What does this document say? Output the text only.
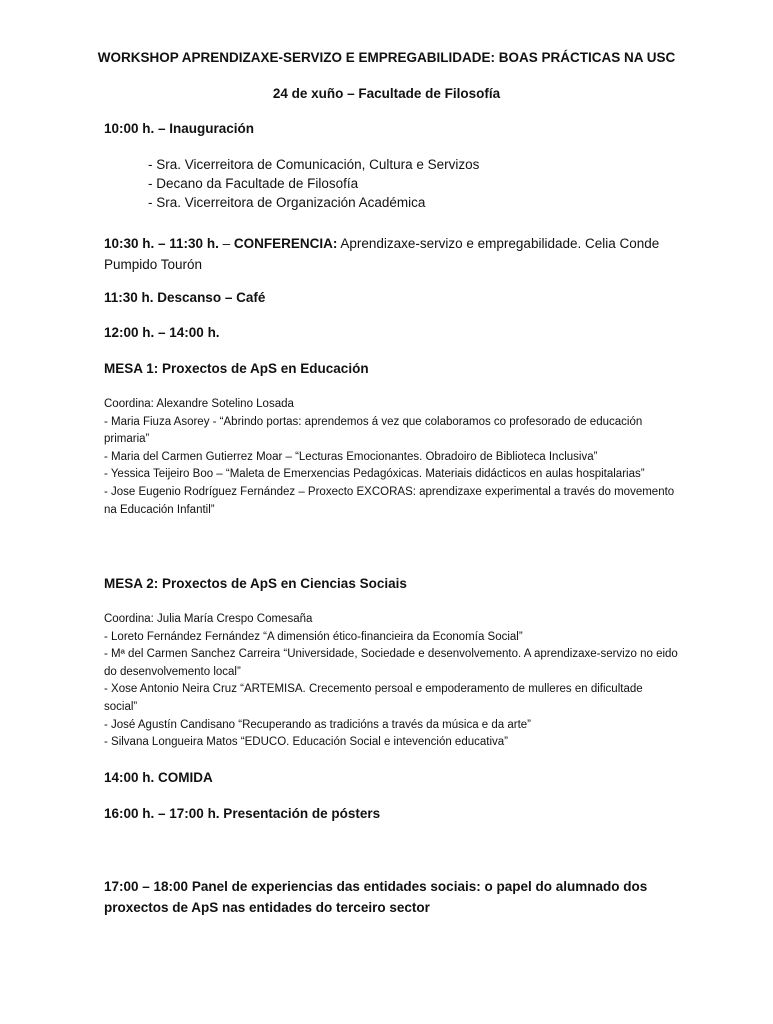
WORKSHOP APRENDIZAXE-SERVIZO E EMPREGABILIDADE: BOAS PRÁCTICAS NA USC

24 de xuño – Facultade de Filosofía

10:00 h. – Inauguración

- Sra. Vicerreitora de Comunicación, Cultura e Servizos
- Decano da Facultade de Filosofía
- Sra. Vicerreitora de Organización Académica

10:30 h. – 11:30 h. – CONFERENCIA: Aprendizaxe-servizo e empregabilidade. Celia Conde Pumpido Tourón

11:30 h. Descanso – Café

12:00 h. – 14:00 h.

MESA 1: Proxectos de ApS en Educación

Coordina: Alexandre Sotelino Losada
- Maria Fiuza Asorey - “Abrindo portas: aprendemos á vez que colaboramos co profesorado de educación primaria”
- Maria del Carmen Gutierrez Moar – “Lecturas Emocionantes. Obradoiro de Biblioteca Inclusiva”
- Yessica Teijeiro Boo – “Maleta de Emerxencias Pedagóxicas. Materiais didácticos en aulas hospitalarias”
- Jose Eugenio Rodríguez Fernández – Proxecto EXCORAS: aprendizaxe experimental a través do movemento na Educación Infantil”

MESA 2: Proxectos de ApS en Ciencias Sociais

Coordina: Julia María Crespo Comesaña
- Loreto Fernández Fernández “A dimensión ético-financieira da Economía Social”
- Mª del Carmen Sanchez Carreira “Universidade, Sociedade e desenvolvemento. A aprendizaxe-servizo no eido do desenvolvemento local”
- Xose Antonio Neira Cruz “ARTEMISA. Crecemento persoal e empoderamento de mulleres en dificultade social”
- José Agustín Candisano “Recuperando as tradicións a través da música e da arte”
- Silvana Longueira Matos “EDUCO. Educación Social e intevención educativa”

14:00 h. COMIDA

16:00 h. – 17:00 h. Presentación de pósters

17:00 – 18:00 Panel de experiencias das entidades sociais: o papel do alumnado dos proxectos de ApS nas entidades do terceiro sector
